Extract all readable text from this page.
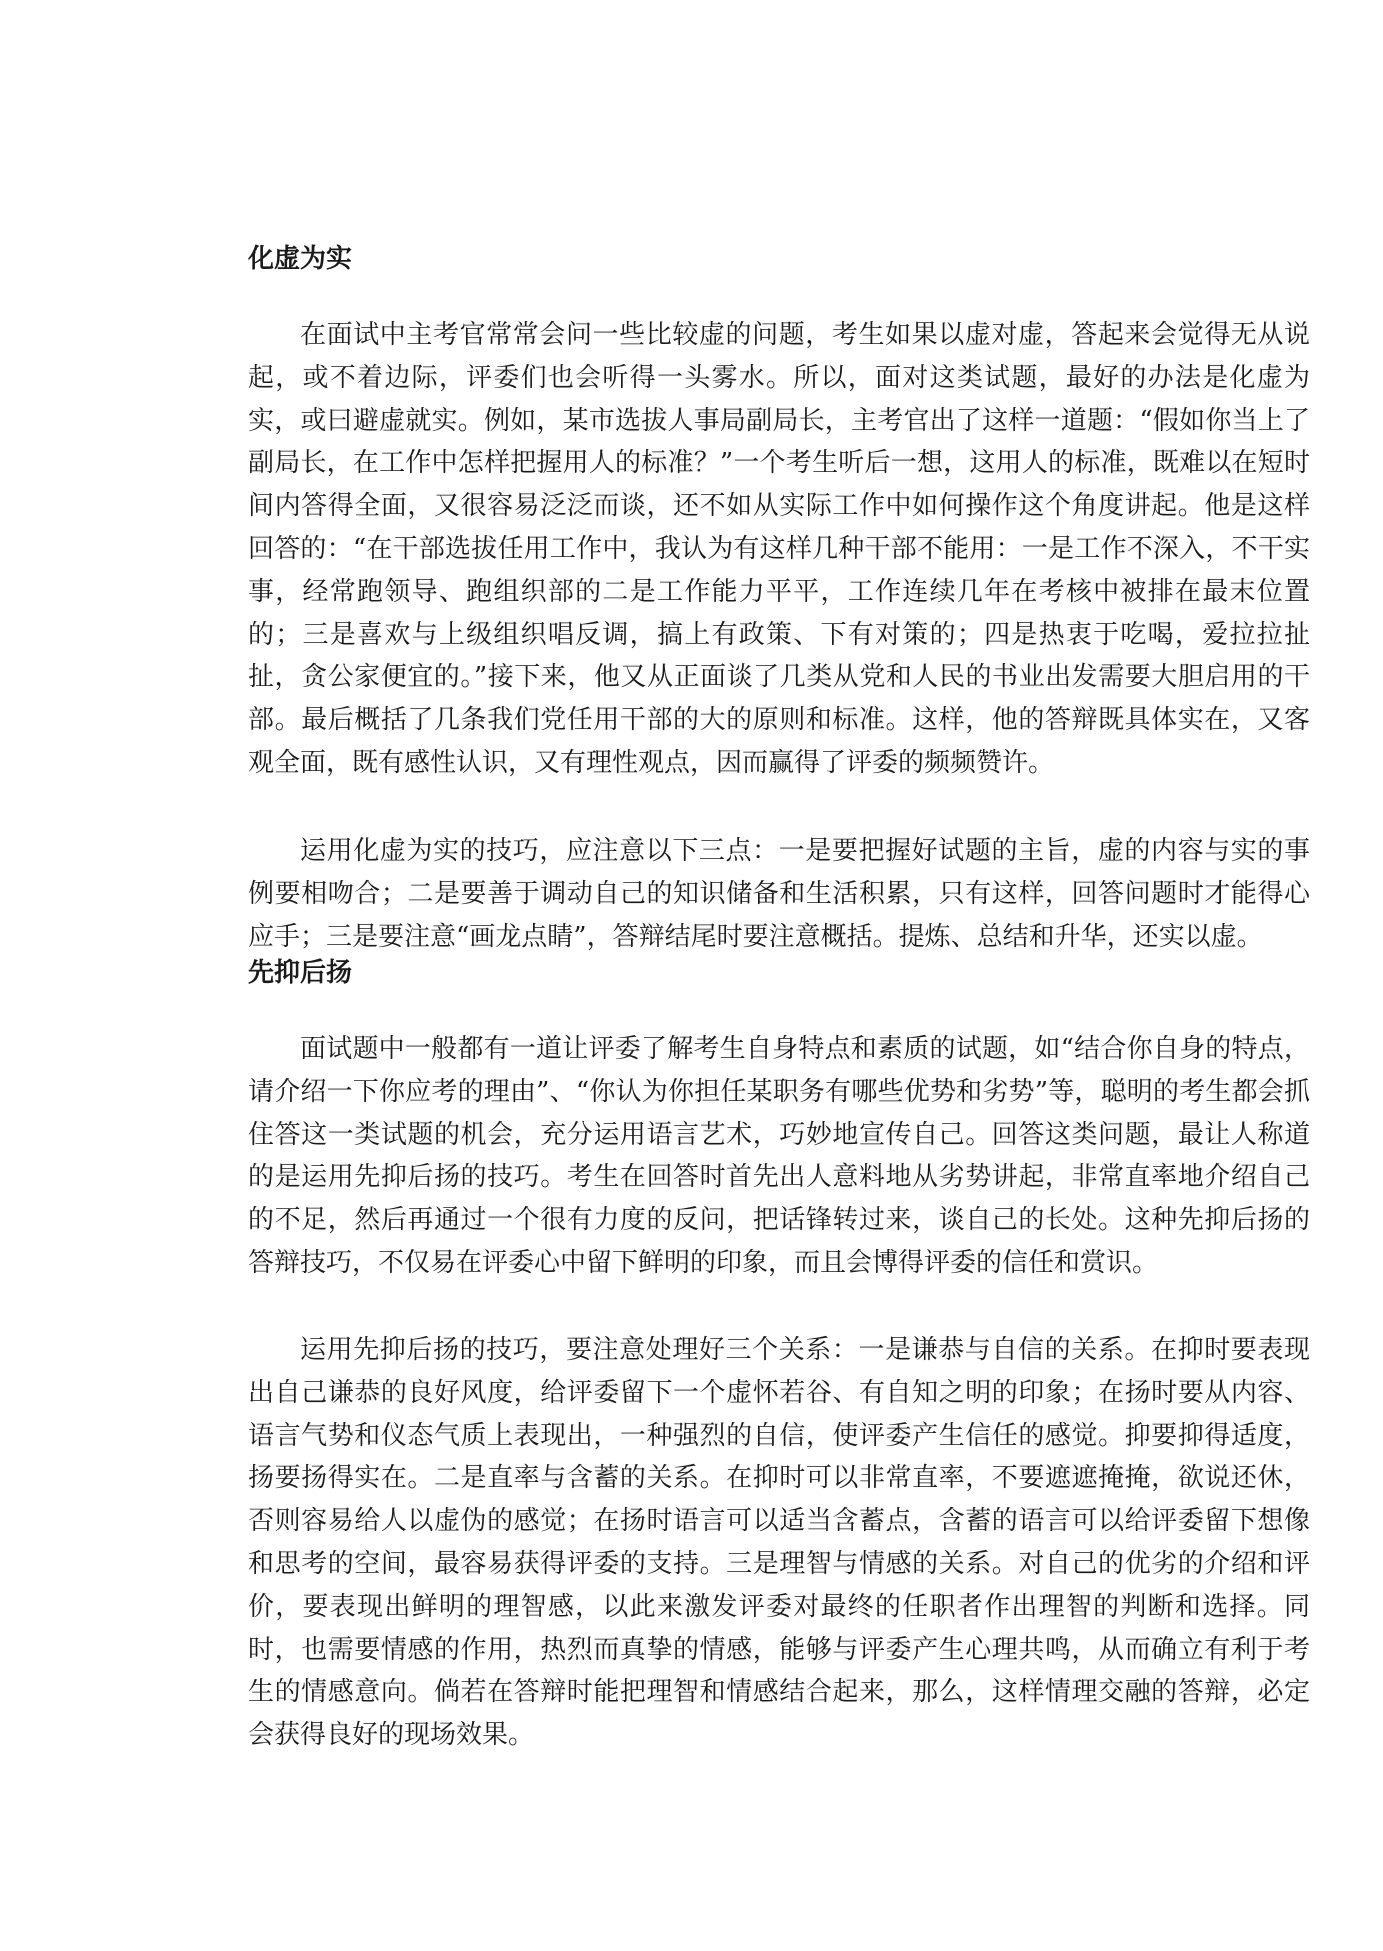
化虚为实

在面试中主考官常常会问一些比较虚的问题，考生如果以虚对虚，答起来会觉得无从说起，或不着边际，评委们也会听得一头雾水。所以，面对这类试题，最好的办法是化虚为实，或曰避虚就实。例如，某市选拔人事局副局长，主考官出了这样一道题：“假如你当上了副局长，在工作中怎样把握用人的标准？”一个考生听后一想，这用人的标准，既难以在短时间内答得全面，又很容易泛泛而谈，还不如从实际工作中如何操作这个角度讲起。他是这样回答的：“在干部选拔任用工作中，我认为有这样几种干部不能用：一是工作不深入，不干实事，经常跑领导、跑组织部的二是工作能力平平，工作连续几年在考核中被排在最末位置的；三是喜欢与上级组织唱反调，搞上有政策、下有对策的；四是热衷于吃喝，爱拉拉扯扯，贪公家便宜的。”接下来，他又从正面谈了几类从党和人民的书业出发需要大胆启用的干部。最后概括了几条我们党任用干部的大的原则和标准。这样，他的答辩既具体实在，又客观全面，既有感性认识，又有理性观点，因而赢得了评委的频频赞许。

运用化虚为实的技巧，应注意以下三点：一是要把握好试题的主旨，虚的内容与实的事例要相吻合；二是要善于调动自己的知识储备和生活积累，只有这样，回答问题时才能得心应手；三是要注意“画龙点睛”，答辩结尾时要注意概括。提炼、总结和升华，还实以虚。

先抑后扬

面试题中一般都有一道让评委了解考生自身特点和素质的试题，如“结合你自身的特点，请介绍一下你应考的理由”、“你认为你担任某职务有哪些优势和劣势”等，聪明的考生都会抓住答这一类试题的机会，充分运用语言艺术，巧妙地宣传自己。回答这类问题，最让人称道的是运用先抑后扬的技巧。考生在回答时首先出人意料地从劣势讲起，非常直率地介绍自己的不足，然后再通过一个很有力度的反问，把话锋转过来，谈自己的长处。这种先抑后扬的答辩技巧，不仅易在评委心中留下鲜明的印象，而且会博得评委的信任和赏识。

运用先抑后扬的技巧，要注意处理好三个关系：一是谦恭与自信的关系。在抑时要表现出自己谦恭的良好风度，给评委留下一个虚怀若谷、有自知之明的印象；在扬时要从内容、语言气势和仪态气质上表现出，一种强烈的自信，使评委产生信任的感觉。抑要抑得适度，扬要扬得实在。二是直率与含蓄的关系。在抑时可以非常直率，不要遮遮掩掩，欲说还休，否则容易给人以虚伪的感觉；在扬时语言可以适当含蓄点，含蓄的语言可以给评委留下想像和思考的空间，最容易获得评委的支持。三是理智与情感的关系。对自己的优劣的介绍和评价，要表现出鲜明的理智感，以此来激发评委对最终的任职者作出理智的判断和选择。同时，也需要情感的作用，热烈而真挚的情感，能够与评委产生心理共鸣，从而确立有利于考生的情感意向。倘若在答辩时能把理智和情感结合起来，那么，这样情理交融的答辩，必定会获得良好的现场效果。
